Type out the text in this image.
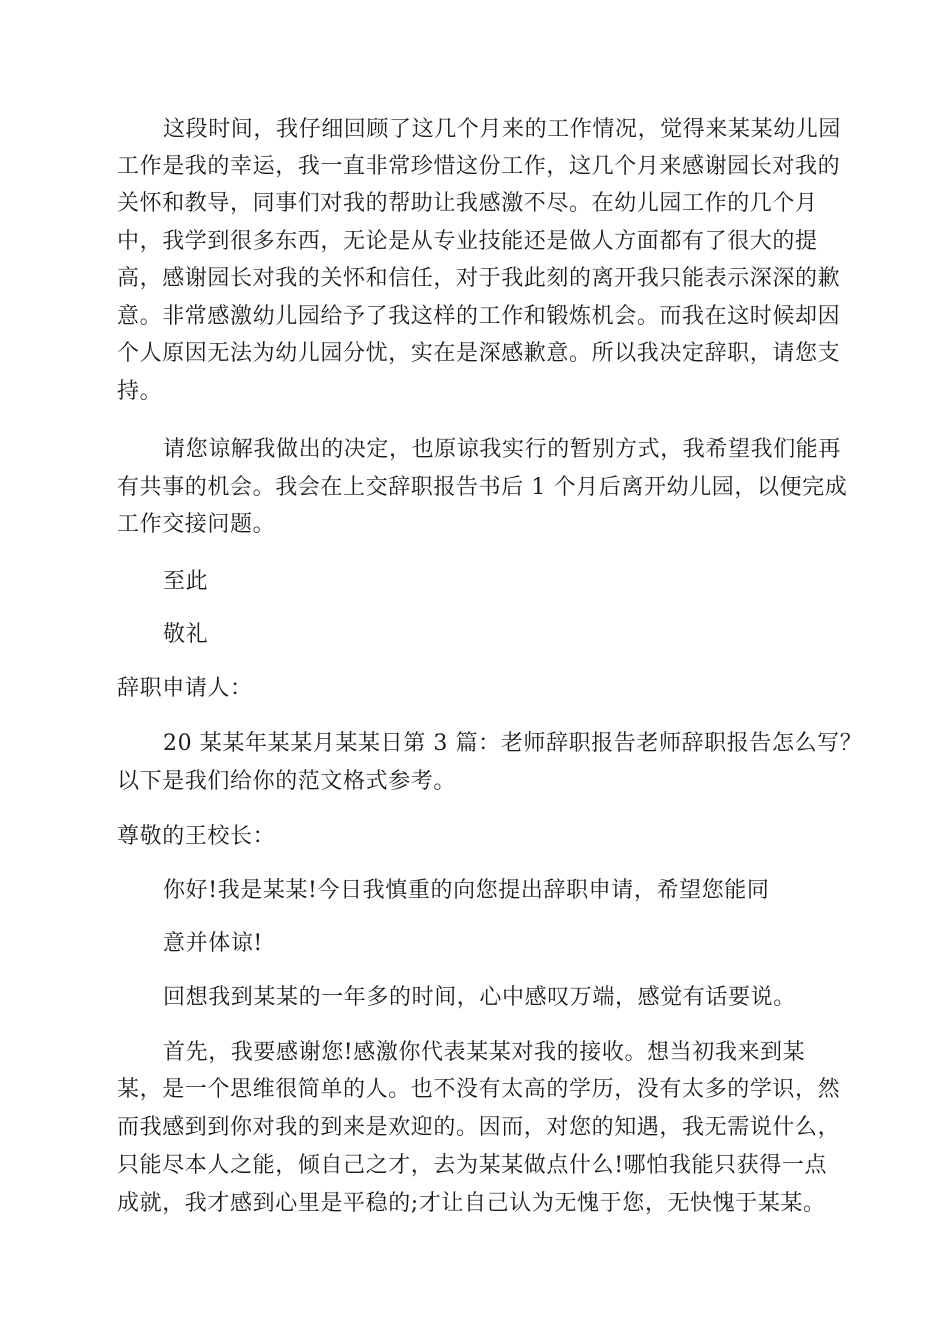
这段时间，我仔细回顾了这几个月来的工作情况，觉得来某某幼儿园
工作是我的幸运，我一直非常珍惜这份工作，这几个月来感谢园长对我的
关怀和教导，同事们对我的帮助让我感激不尽。在幼儿园工作的几个月
中，我学到很多东西，无论是从专业技能还是做人方面都有了很大的提
高，感谢园长对我的关怀和信任，对于我此刻的离开我只能表示深深的歉
意。非常感激幼儿园给予了我这样的工作和锻炼机会。而我在这时候却因
个人原因无法为幼儿园分忧，实在是深感歉意。所以我决定辞职，请您支
持。
请您谅解我做出的决定，也原谅我实行的暂别方式，我希望我们能再
有共事的机会。我会在上交辞职报告书后 1 个月后离开幼儿园，以便完成
工作交接问题。
至此
敬礼
辞职申请人：
20 某某年某某月某某日第 3 篇：老师辞职报告老师辞职报告怎么写？
以下是我们给你的范文格式参考。
尊敬的王校长：
你好!我是某某!今日我慎重的向您提出辞职申请，希望您能同
意并体谅!
回想我到某某的一年多的时间，心中感叹万端，感觉有话要说。
首先，我要感谢您!感激你代表某某对我的接收。想当初我来到某
某，是一个思维很简单的人。也不没有太高的学历，没有太多的学识，然
而我感到到你对我的到来是欢迎的。因而，对您的知遇，我无需说什么，
只能尽本人之能，倾自己之才，去为某某做点什么!哪怕我能只获得一点
成就，我才感到心里是平稳的;才让自己认为无愧于您，无快愧于某某。
